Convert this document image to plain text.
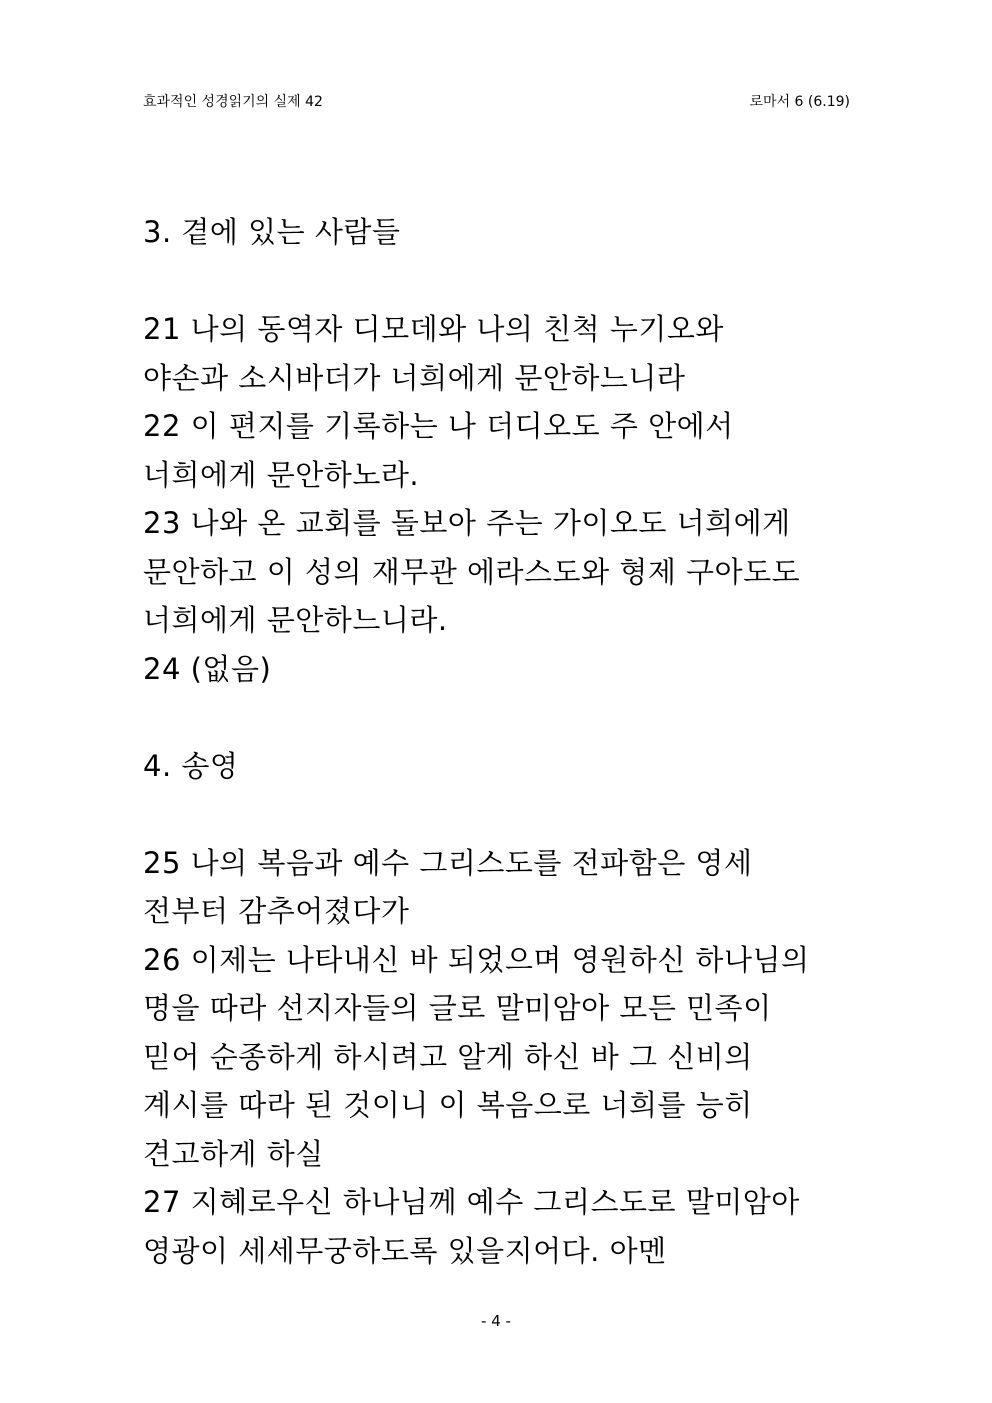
효과적인 성경읽기의 실제 42	로마서 6 (6.19)
3. 곁에 있는 사람들
21 나의 동역자 디모데와 나의 친척 누기오와
야손과 소시바더가 너희에게 문안하느니라
22 이 편지를 기록하는 나 더디오도 주 안에서
너희에게 문안하노라.
23 나와 온 교회를 돌보아 주는 가이오도 너희에게
문안하고 이 성의 재무관 에라스도와 형제 구아도도
너희에게 문안하느니라.
24 (없음)
4. 송영
25 나의 복음과 예수 그리스도를 전파함은 영세
전부터 감추어졌다가
26 이제는 나타내신 바 되었으며 영원하신 하나님의
명을 따라 선지자들의 글로 말미암아 모든 민족이
믿어 순종하게 하시려고 알게 하신 바 그 신비의
계시를 따라 된 것이니 이 복음으로 너희를 능히
견고하게 하실
27 지혜로우신 하나님께 예수 그리스도로 말미암아
영광이 세세무궁하도록 있을지어다. 아멘
- 4 -
